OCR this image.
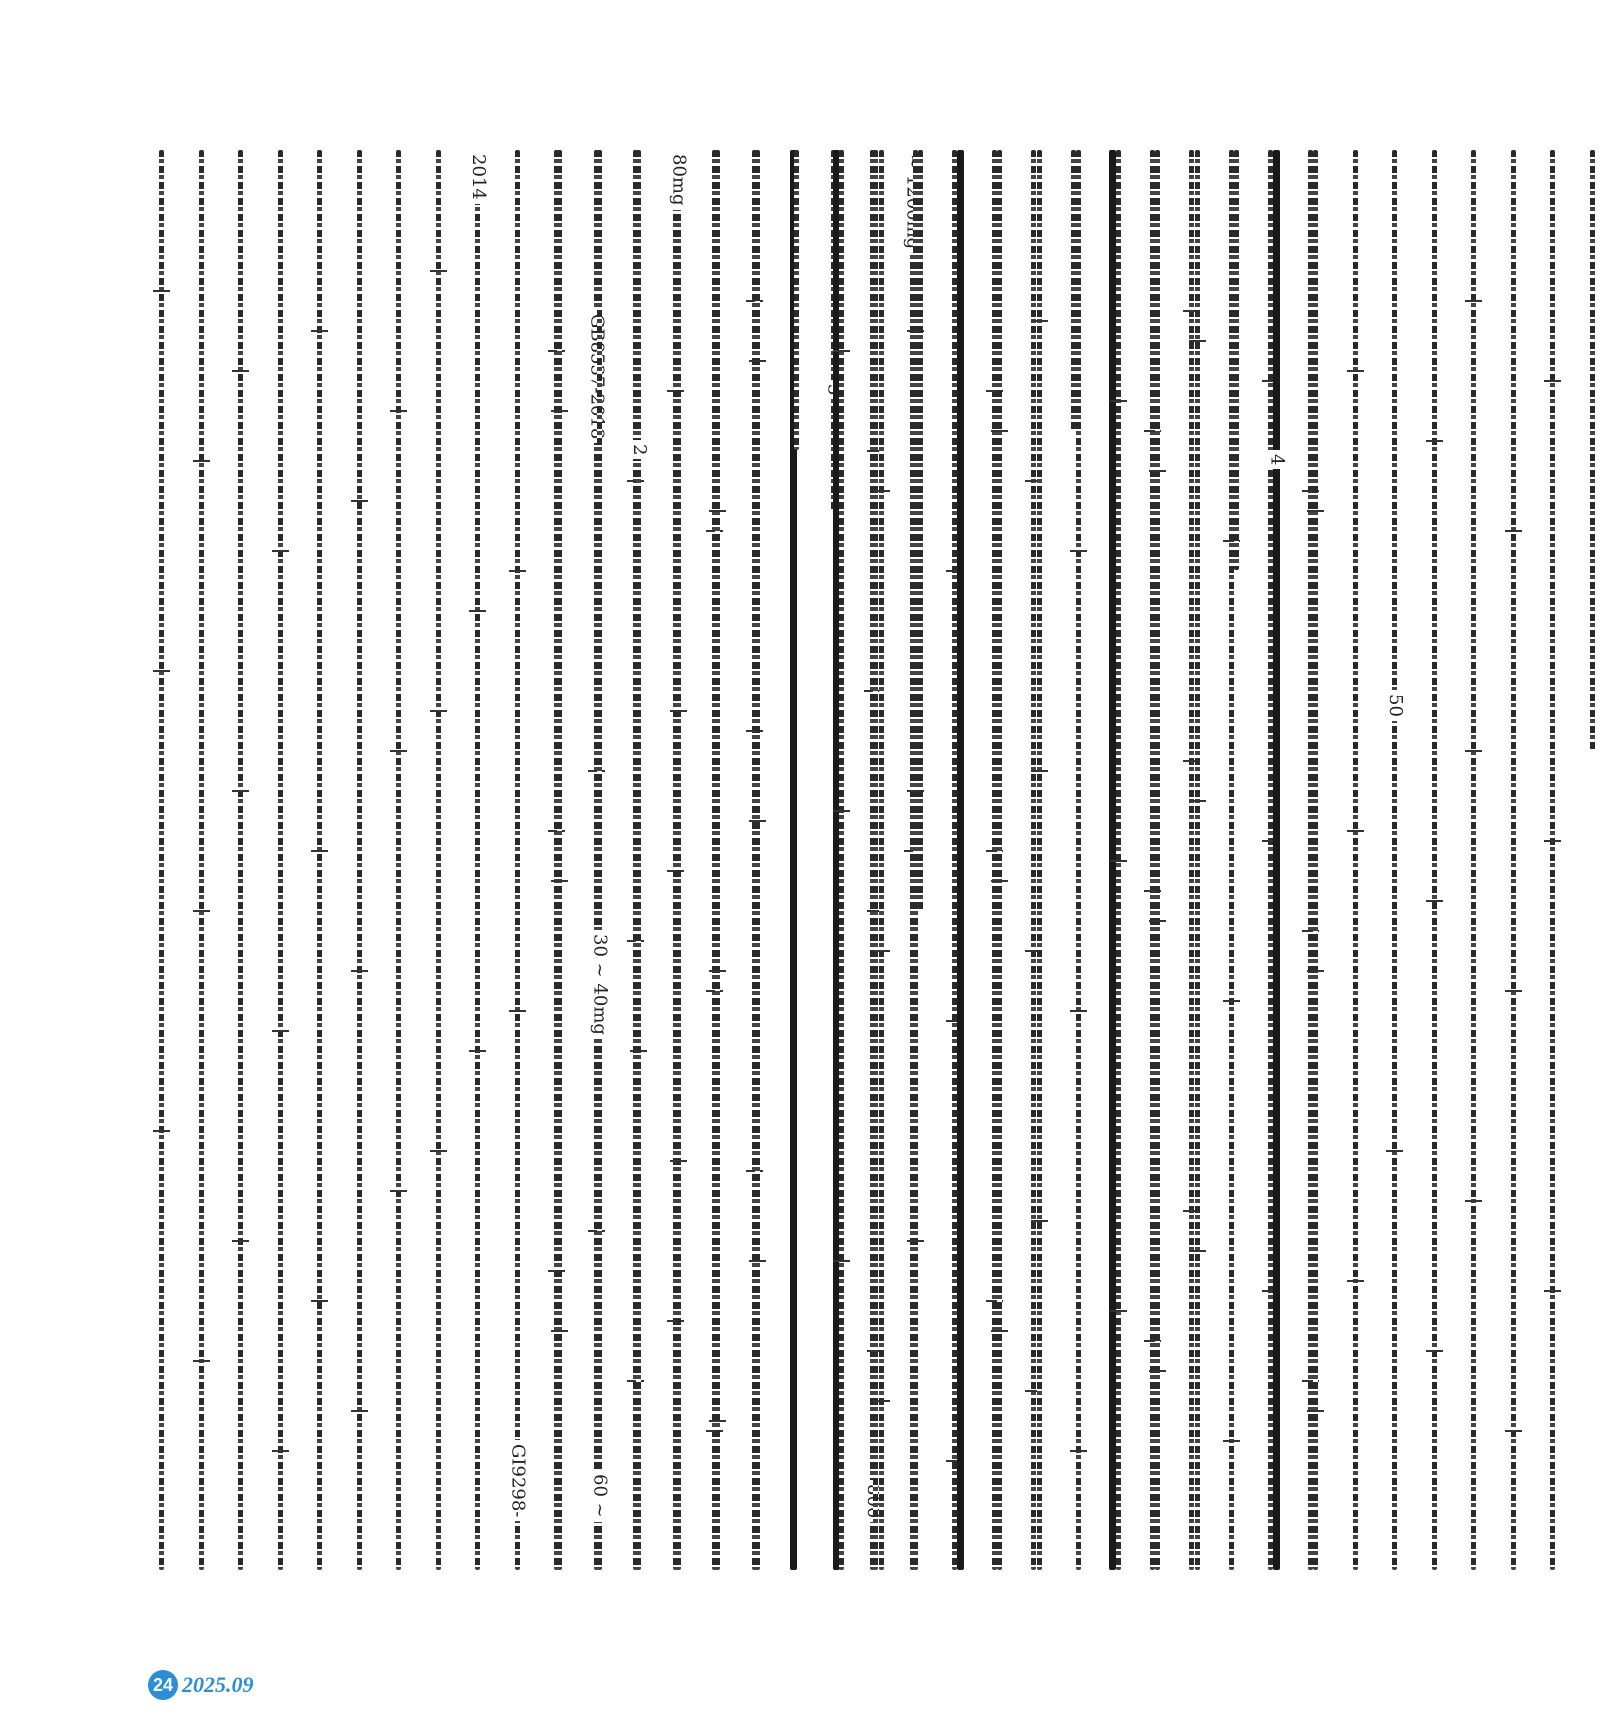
2014
GI9298-
30 ~ 40mg
60 ~
2
80mg
4
50
24 2025.09
